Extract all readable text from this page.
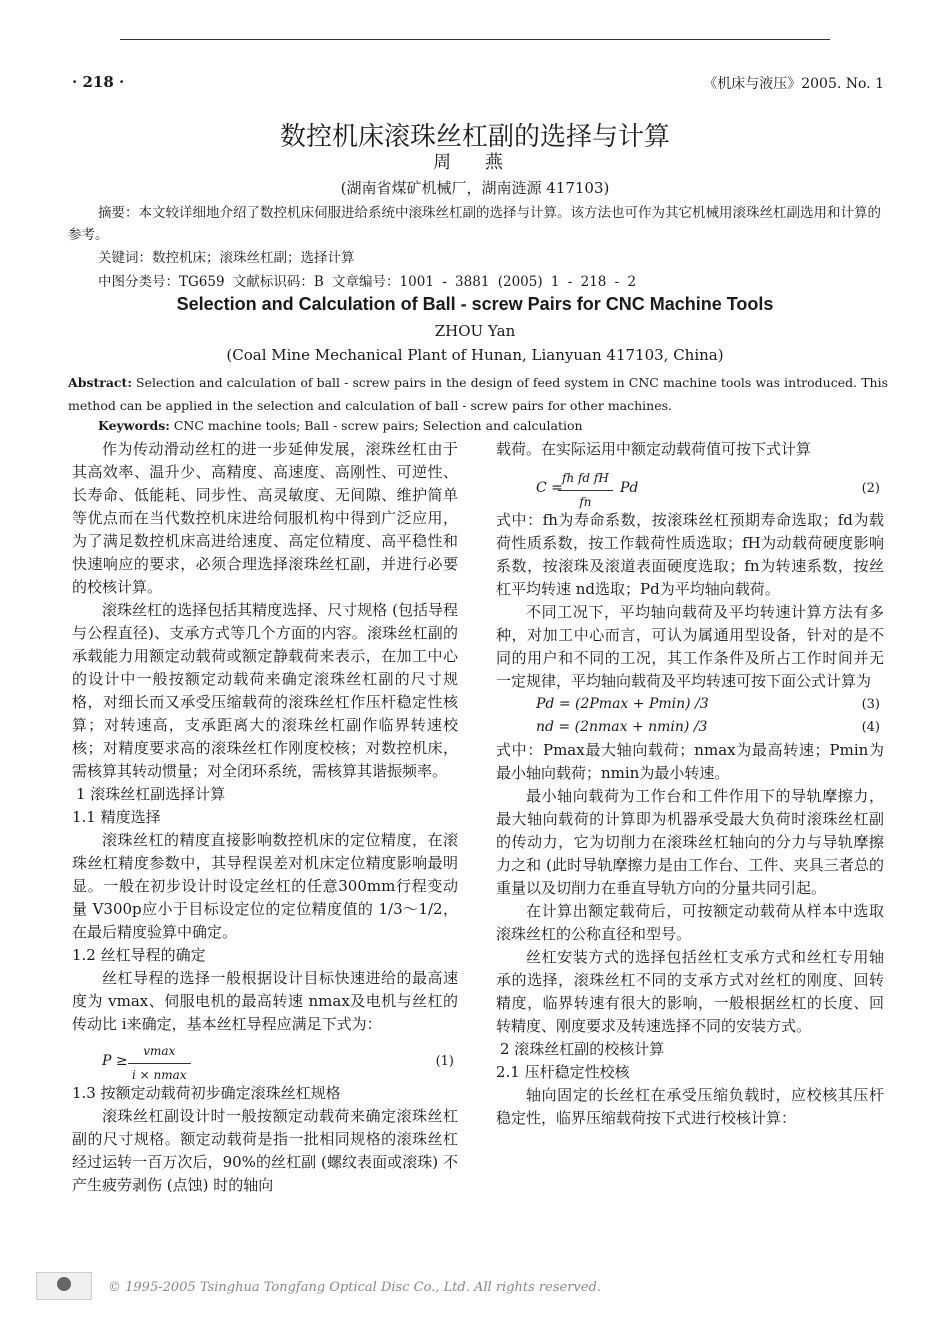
· 218 ·	《机床与液压》2005. No. 1
数控机床滚珠丝杠副的选择与计算
周 燕
(湖南省煤矿机械厂，湖南涟源 417103)
摘要：本文较详细地介绍了数控机床伺服进给系统中滚珠丝杠副的选择与计算。该方法也可作为其它机械用滚珠丝杠副选用和计算的参考。
关键词：数控机床；滚珠丝杠副；选择计算
中图分类号：TG659 文献标识码：B 文章编号：1001 - 3881 (2005) 1 - 218 - 2
Selection and Calculation of Ball - screw Pairs for CNC Machine Tools
ZHOU Yan
(Coal Mine Mechanical Plant of Hunan, Lianyuan 417103, China)
Abstract: Selection and calculation of ball - screw pairs in the design of feed system in CNC machine tools was introduced. This method can be applied in the selection and calculation of ball - screw pairs for other machines.
Keywords: CNC machine tools; Ball - screw pairs; Selection and calculation

作为传动滑动丝杠的进一步延伸发展，滚珠丝杠由于其高效率、温升少、高精度、高速度、高刚性、可逆性、长寿命、低能耗、同步性、高灵敏度、无间隙、维护简单等优点而在当代数控机床进给伺服机构中得到广泛应用，为了满足数控机床高进给速度、高定位精度、高平稳性和快速响应的要求，必须合理选择滚珠丝杠副，并进行必要的校核计算。

滚珠丝杠的选择包括其精度选择、尺寸规格 (包括导程与公程直径)、支承方式等几个方面的内容。滚珠丝杠副的承载能力用额定动载荷或额定静载荷来表示，在加工中心的设计中一般按额定动载荷来确定滚珠丝杠副的尺寸规格，对细长而又承受压缩载荷的滚珠丝杠作压杆稳定性核算；对转速高，支承距离大的滚珠丝杠副作临界转速校核；对精度要求高的滚珠丝杠作刚度校核；对数控机床，需核算其转动惯量；对全闭环系统，需核算其谐振频率。

1 滚珠丝杠副选择计算

1.1 精度选择

滚珠丝杠的精度直接影响数控机床的定位精度，在滚珠丝杠精度参数中，其导程误差对机床定位精度影响最明显。一般在初步设计时设定丝杠的任意300mm行程变动量 V300p应小于目标设定位的定位精度值的 1/3～1/2，在最后精度验算中确定。

1.2 丝杠导程的确定

丝杠导程的选择一般根据设计目标快速进给的最高速度为 vmax、伺服电机的最高转速 nmax及电机与丝杠的传动比 i来确定，基本丝杠导程应满足下式为：

P ≥
vmax
i × nmax
(1)

1.3 按额定动载荷初步确定滚珠丝杠规格

滚珠丝杠副设计时一般按额定动载荷来确定滚珠丝杠副的尺寸规格。额定动载荷是指一批相同规格的滚珠丝杠经过运转一百万次后，90%的丝杠副 (螺纹表面或滚珠) 不产生疲劳剥伤 (点蚀) 时的轴向

载荷。在实际运用中额定动载荷值可按下式计算

C =
$\frac{\text{fh fd fH}}{fn}$ Pd	(2)

式中：fh为寿命系数，按滚珠丝杠预期寿命选取；fd为载荷性质系数，按工作载荷性质选取；fH为动载荷硬度影响系数，按滚珠及滚道表面硬度选取；fn为转速系数，按丝杠平均转速 nd选取；Pd为平均轴向载荷。

不同工况下，平均轴向载荷及平均转速计算方法有多种，对加工中心而言，可认为属通用型设备，针对的是不同的用户和不同的工况，其工作条件及所占工作时间并无一定规律，平均轴向载荷及平均转速可按下面公式计算为

Pd = (2Pmax + Pmin) /3	(3)
nd = (2nmax + nmin) /3	(4)

式中：Pmax最大轴向载荷；nmax为最高转速；Pmin为最小轴向载荷；nmin为最小转速。

最小轴向载荷为工作台和工件作用下的导轨摩擦力，最大轴向载荷的计算即为机器承受最大负荷时滚珠丝杠副的传动力，它为切削力在滚珠丝杠轴向的分力与导轨摩擦力之和 (此时导轨摩擦力是由工作台、工件、夹具三者总的重量以及切削力在垂直导轨方向的分量共同引起。

在计算出额定载荷后，可按额定动载荷从样本中选取滚珠丝杠的公称直径和型号。

丝杠安装方式的选择包括丝杠支承方式和丝杠专用轴承的选择，滚珠丝杠不同的支承方式对丝杠的刚度、回转精度，临界转速有很大的影响，一般根据丝杠的长度、回转精度、刚度要求及转速选择不同的安装方式。

2 滚珠丝杠副的校核计算

2.1 压杆稳定性校核

轴向固定的长丝杠在承受压缩负载时，应校核其压杆稳定性，临界压缩载荷按下式进行校核计算：

© 1995-2005 Tsinghua Tongfang Optical Disc Co., Ltd. All rights reserved.
